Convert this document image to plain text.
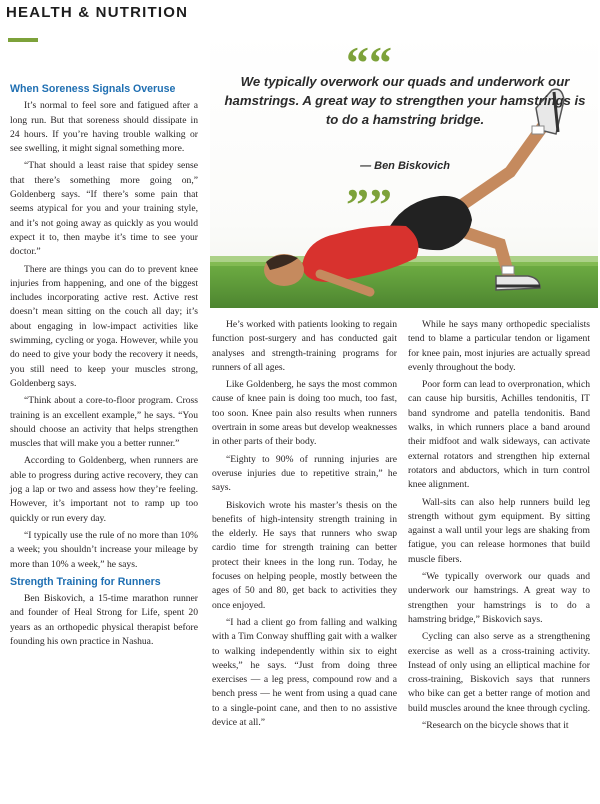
HEALTH & NUTRITION
When Soreness Signals Overuse

It’s normal to feel sore and fatigued after a long run. But that soreness should dissipate in 24 hours. If you’re having trouble walking or see swelling, it might signal something more.

“That should a least raise that spidey sense that there’s something more going on,” Goldenberg says. “If there’s some pain that seems atypical for you and your training style, and it’s not going away as quickly as you would expect it to, then maybe it’s time to see your doctor.”

There are things you can do to prevent knee injuries from happening, and one of the biggest includes incorporating active rest. Active rest doesn’t mean sitting on the couch all day; it’s about engaging in low-impact activities like swimming, cycling or yoga. However, while you do need to give your body the recovery it needs, you still need to keep your muscles strong, Goldenberg says.

“Think about a core-to-floor program. Cross training is an excellent example,” he says. “You should choose an activity that helps strengthen muscles that will make you a better runner.”

According to Goldenberg, when runners are able to progress during active recovery, they can jog a lap or two and assess how they’re feeling. However, it’s important not to ramp up too quickly or run every day.

“I typically use the rule of no more than 10% a week; you shouldn’t increase your mileage by more than 10% a week,” he says.

Strength Training for Runners

Ben Biskovich, a 15-time marathon runner and founder of Heal Strong for Life, spent 20 years as an orthopedic physical therapist before founding his own practice in Nashua.

““
We typically overwork our quads and underwork our hamstrings. A great way to strengthen your hamstrings is to do a hamstring bridge.
— Ben Biskovich
””

He’s worked with patients looking to regain function post-surgery and has conducted gait analyses and strength-training programs for runners of all ages.

Like Goldenberg, he says the most common cause of knee pain is doing too much, too fast, too soon. Knee pain also results when runners overtrain in some areas but develop weaknesses in other parts of their body.

“Eighty to 90% of running injuries are overuse injuries due to repetitive strain,” he says.

Biskovich wrote his master’s thesis on the benefits of high-intensity strength training in the elderly. He says that runners who swap cardio time for strength training can better protect their knees in the long run. Today, he focuses on helping people, mostly between the ages of 50 and 80, get back to activities they once enjoyed.

“I had a client go from falling and walking with a Tim Conway shuffling gait with a walker to walking independently within six to eight weeks,” he says. “Just from doing three exercises — a leg press, compound row and a bench press — he went from using a quad cane to a single-point cane, and then to no assistive device at all.”

While he says many orthopedic specialists tend to blame a particular tendon or ligament for knee pain, most injuries are actually spread evenly throughout the body.

Poor form can lead to overpronation, which can cause hip bursitis, Achilles tendonitis, IT band syndrome and patella tendonitis. Band walks, in which runners place a band around their midfoot and walk sideways, can activate external rotators and strengthen hip external rotators and abductors, which in turn control knee alignment.

Wall-sits can also help runners build leg strength without gym equipment. By sitting against a wall until your legs are shaking from fatigue, you can release hormones that build muscle fibers.

“We typically overwork our quads and underwork our hamstrings. A great way to strengthen your hamstrings is to do a hamstring bridge,” Biskovich says.

Cycling can also serve as a strengthening exercise as well as a cross-training activity. Instead of only using an elliptical machine for cross-training, Biskovich says that runners who bike can get a better range of motion and build muscles around the knee through cycling.

“Research on the bicycle shows that it
